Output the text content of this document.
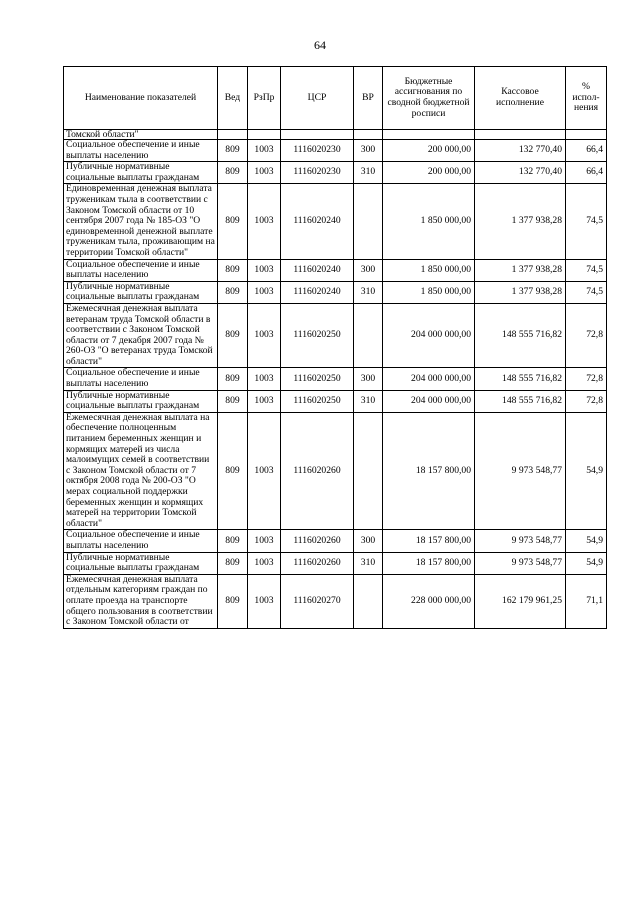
64
Наименование показателей	Вед	РзПр	ЦСР	ВР	Бюджетные ассигнования по сводной бюджетной росписи	Кассовое исполнение	% испол-нения
Томской области"							
Социальное обеспечение и иные выплаты населению	809	1003	1116020230	300	200 000,00	132 770,40	66,4
Публичные нормативные социальные выплаты гражданам	809	1003	1116020230	310	200 000,00	132 770,40	66,4
Единовременная денежная выплата труженикам тыла в соответствии с Законом Томской области от 10 сентября 2007 года № 185-ОЗ "О единовременной денежной выплате труженикам тыла, проживающим на территории Томской области"	809	1003	1116020240		1 850 000,00	1 377 938,28	74,5
Социальное обеспечение и иные выплаты населению	809	1003	1116020240	300	1 850 000,00	1 377 938,28	74,5
Публичные нормативные социальные выплаты гражданам	809	1003	1116020240	310	1 850 000,00	1 377 938,28	74,5
Ежемесячная денежная выплата ветеранам труда Томской области в соответствии с Законом Томской области от 7 декабря 2007 года № 260-ОЗ "О ветеранах труда Томской области"	809	1003	1116020250		204 000 000,00	148 555 716,82	72,8
Социальное обеспечение и иные выплаты населению	809	1003	1116020250	300	204 000 000,00	148 555 716,82	72,8
Публичные нормативные социальные выплаты гражданам	809	1003	1116020250	310	204 000 000,00	148 555 716,82	72,8
Ежемесячная денежная выплата на обеспечение полноценным питанием беременных женщин и кормящих матерей из числа малоимущих семей в соответствии с Законом Томской области от 7 октября 2008 года № 200-ОЗ "О мерах социальной поддержки беременных женщин и кормящих матерей на территории Томской области"	809	1003	1116020260		18 157 800,00	9 973 548,77	54,9
Социальное обеспечение и иные выплаты населению	809	1003	1116020260	300	18 157 800,00	9 973 548,77	54,9
Публичные нормативные социальные выплаты гражданам	809	1003	1116020260	310	18 157 800,00	9 973 548,77	54,9
Ежемесячная денежная выплата отдельным категориям граждан по оплате проезда на транспорте общего пользования в соответствии с Законом Томской области от	809	1003	1116020270		228 000 000,00	162 179 961,25	71,1
